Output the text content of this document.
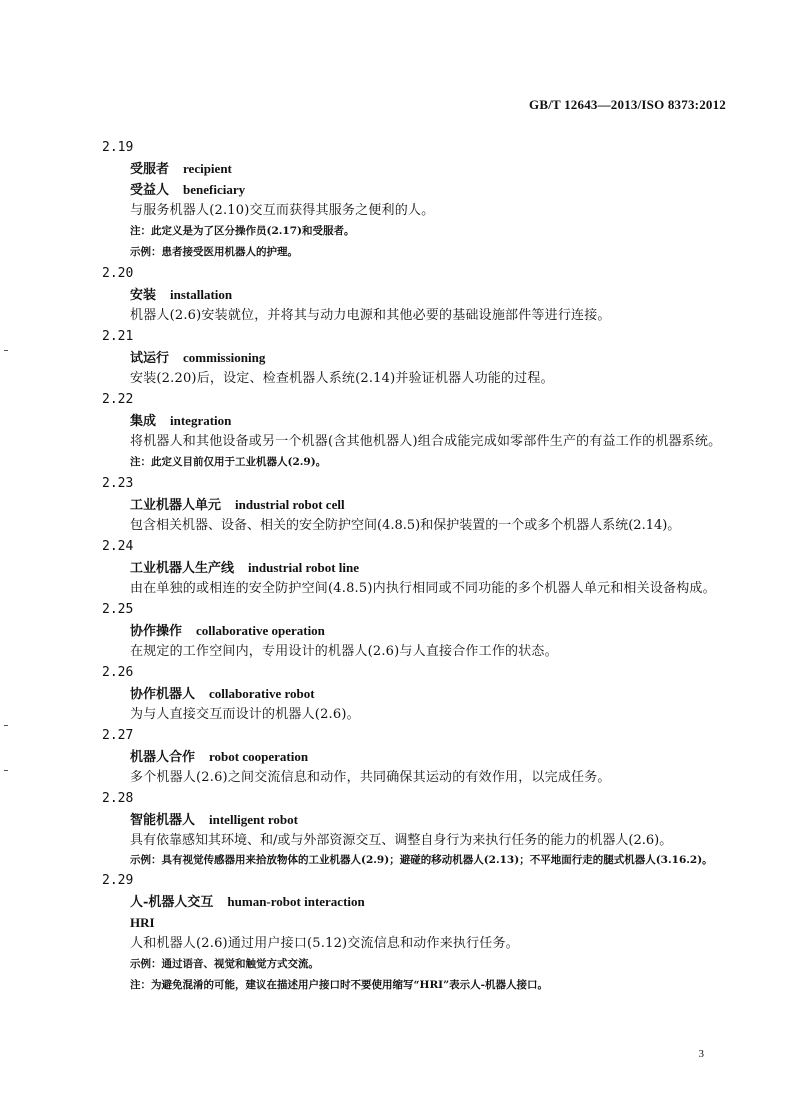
GB/T 12643—2013/ISO 8373:2012
2.19
受服者 recipient
受益人 beneficiary
与服务机器人(2.10)交互而获得其服务之便利的人。
注：此定义是为了区分操作员(2.17)和受服者。
示例：患者接受医用机器人的护理。
2.20
安装 installation
机器人(2.6)安装就位，并将其与动力电源和其他必要的基础设施部件等进行连接。
2.21
试运行 commissioning
安装(2.20)后，设定、检查机器人系统(2.14)并验证机器人功能的过程。
2.22
集成 integration
将机器人和其他设备或另一个机器(含其他机器人)组合成能完成如零部件生产的有益工作的机器系统。
注：此定义目前仅用于工业机器人(2.9)。
2.23
工业机器人单元 industrial robot cell
包含相关机器、设备、相关的安全防护空间(4.8.5)和保护装置的一个或多个机器人系统(2.14)。
2.24
工业机器人生产线 industrial robot line
由在单独的或相连的安全防护空间(4.8.5)内执行相同或不同功能的多个机器人单元和相关设备构成。
2.25
协作操作 collaborative operation
在规定的工作空间内，专用设计的机器人(2.6)与人直接合作工作的状态。
2.26
协作机器人 collaborative robot
为与人直接交互而设计的机器人(2.6)。
2.27
机器人合作 robot cooperation
多个机器人(2.6)之间交流信息和动作，共同确保其运动的有效作用，以完成任务。
2.28
智能机器人 intelligent robot
具有依靠感知其环境、和/或与外部资源交互、调整自身行为来执行任务的能力的机器人(2.6)。
示例：具有视觉传感器用来拾放物体的工业机器人(2.9)；避碰的移动机器人(2.13)；不平地面行走的腿式机器人(3.16.2)。
2.29
人-机器人交互 human-robot interaction
HRI
人和机器人(2.6)通过用户接口(5.12)交流信息和动作来执行任务。
示例：通过语音、视觉和触觉方式交流。
注：为避免混淆的可能，建议在描述用户接口时不要使用缩写“HRI”表示人-机器人接口。
3
